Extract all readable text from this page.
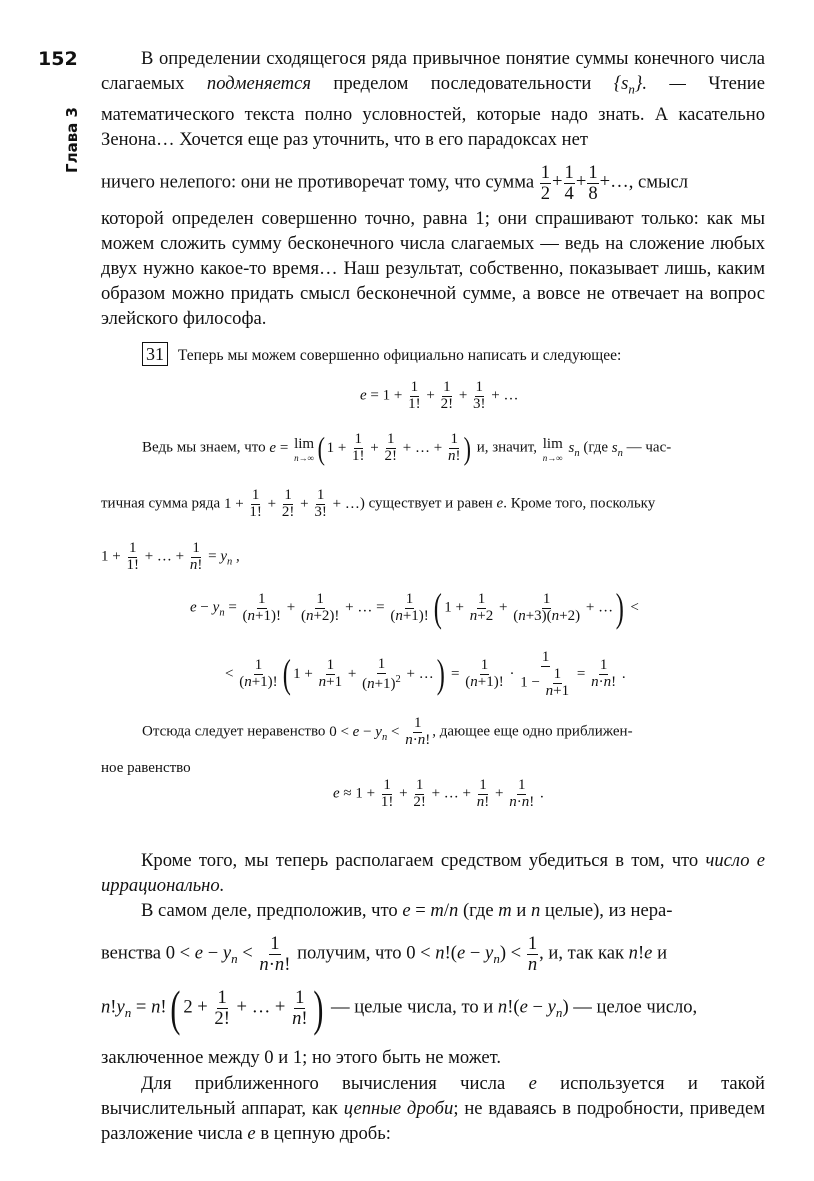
152
Глава 3

В определении сходящегося ряда привычное понятие суммы конечного числа слагаемых подменяется пределом последовательности $\{s_n\}$. — Чтение математического текста полно условностей, которые надо знать. А касательно Зенона… Хочется еще раз уточнить, что в его парадоксах нет

ничего нелепого: они не противоречат тому, что сумма $\frac{1}{2} + \frac{1}{4} + \frac{1}{8}$ +…, смысл

которой определен совершенно точно, равна 1; они спрашивают только: как мы можем сложить сумму бесконечного числа слагаемых — ведь на сложение любых двух нужно какое-то время… Наш результат, собственно, показывает лишь, каким образом можно придать смысл бесконечной сумме, а вовсе не отвечает на вопрос элейского философа.

31 Теперь мы можем совершенно официально написать и следующее:

$e = 1 + \frac{1}{1!} + \frac{1}{2!} + \frac{1}{3!}$ + …
Ведь мы знаем, что e = lim
n→∞ ( $1 + \frac{1}{1!} + \frac{1}{2!}$ + … + $\frac{1}{n!}$ ) и, значит, lim
n→∞
$s_n$ (где $s_n$ — час-
тичная сумма ряда $1 + \frac{1}{1!} + \frac{1}{2!} + \frac{1}{3!}$ + …) существует и равен e. Кроме того, поскольку
$1 + \frac{1}{1!}$ + … + $\frac{1}{n!} = y_n$ ,
$e - y_n = \frac{1}{(n+1)!} + \frac{1}{(n+2)!}$ + … = $\frac{1}{(n+1)!}$ ( $1 + \frac{1}{n+2} + \frac{1}{(n+3)(n+2)}$ + …) <
< $\frac{1}{(n+1)!}$ ( $1 + \frac{1}{n+1} + \frac{1}{(n+1)^2}$ + …) = $\frac{1}{(n+1)!} \cdot \frac{1}{1 - \frac{1}{n+1}} = \frac{1}{n\cdot n!}$ .
Отсюда следует неравенство $0 < e - y_n < \frac{1}{n\cdot n!}$ , дающее еще одно приближен-
ное равенство
$e \approx 1 + \frac{1}{1!} + \frac{1}{2!}$ + … + $\frac{1}{n!} + \frac{1}{n\cdot n!}$ .

Кроме того, мы теперь располагаем средством убедиться в том, что число e иррационально.

В самом деле, предположив, что e = m/n (где m и n целые), из нера-

венства $0 < e - y_n < \frac{1}{n\cdot n!}$ получим, что $0 < n!(e - y_n) < \frac{1}{n}$ , и, так как n!e и
$n!y_n = n$!( $2 + \frac{1}{2!}$ + … + $\frac{1}{n!}$ ) — целые числа, то и $n!(e - y_n)$ — целое число,

заключенное между 0 и 1; но этого быть не может.

Для приближенного вычисления числа e используется и такой вычислительный аппарат, как цепные дроби; не вдаваясь в подробности, приведем разложение числа e в цепную дробь:
